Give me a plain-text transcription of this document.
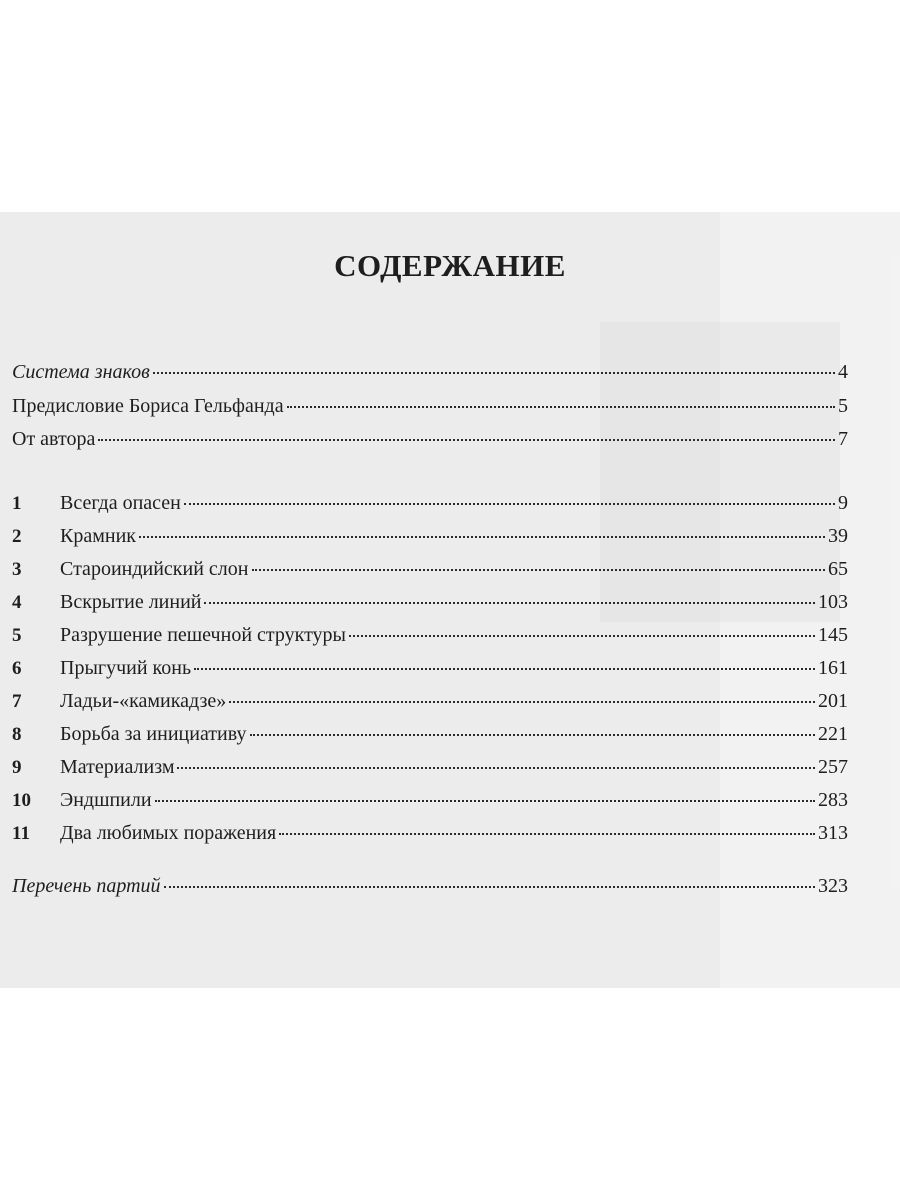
СОДЕРЖАНИЕ
Система знаков	4
Предисловие Бориса Гельфанда	5
От автора	7
1	Всегда опасен	9
2	Крамник	39
3	Староиндийский слон	65
4	Вскрытие линий	103
5	Разрушение пешечной структуры	145
6	Прыгучий конь	161
7	Ладьи-«камикадзе»	201
8	Борьба за инициативу	221
9	Материализм	257
10	Эндшпили	283
11	Два любимых поражения	313
Перечень партий	323
